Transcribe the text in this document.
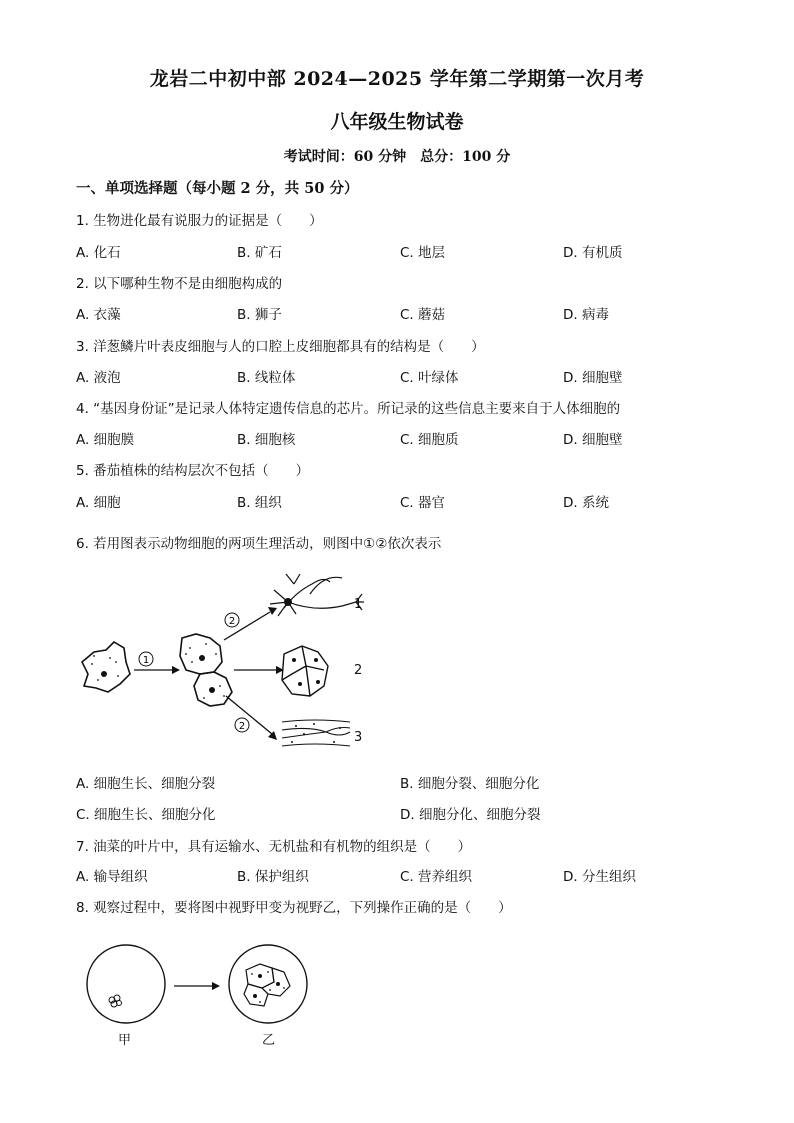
龙岩二中初中部 2024—2025 学年第二学期第一次月考
八年级生物试卷
考试时间：60 分钟　总分：100 分
一、单项选择题（每小题 2 分，共 50 分）
1. 生物进化最有说服力的证据是（　　）
A. 化石	B. 矿石	C. 地层	D. 有机质
2. 以下哪种生物不是由细胞构成的
A. 衣藻	B. 狮子	C. 蘑菇	D. 病毒
3. 洋葱鳞片叶表皮细胞与人的口腔上皮细胞都具有的结构是（　　）
A. 液泡	B. 线粒体	C. 叶绿体	D. 细胞壁
4. “基因身份证”是记录人体特定遗传信息的芯片。所记录的这些信息主要来自于人体细胞的
A. 细胞膜	B. 细胞核	C. 细胞质	D. 细胞壁
5. 番茄植株的结构层次不包括（　　）
A. 细胞	B. 组织	C. 器官	D. 系统
6. 若用图表示动物细胞的两项生理活动，则图中①②依次表示
1
2
2
1
2
3
A. 细胞生长、细胞分裂	B. 细胞分裂、细胞分化
C. 细胞生长、细胞分化	D. 细胞分化、细胞分裂
7. 油菜的叶片中，具有运输水、无机盐和有机物的组织是（　　）
A. 输导组织	B. 保护组织	C. 营养组织	D. 分生组织
8. 观察过程中，要将图中视野甲变为视野乙，下列操作正确的是（　　）
甲	乙
